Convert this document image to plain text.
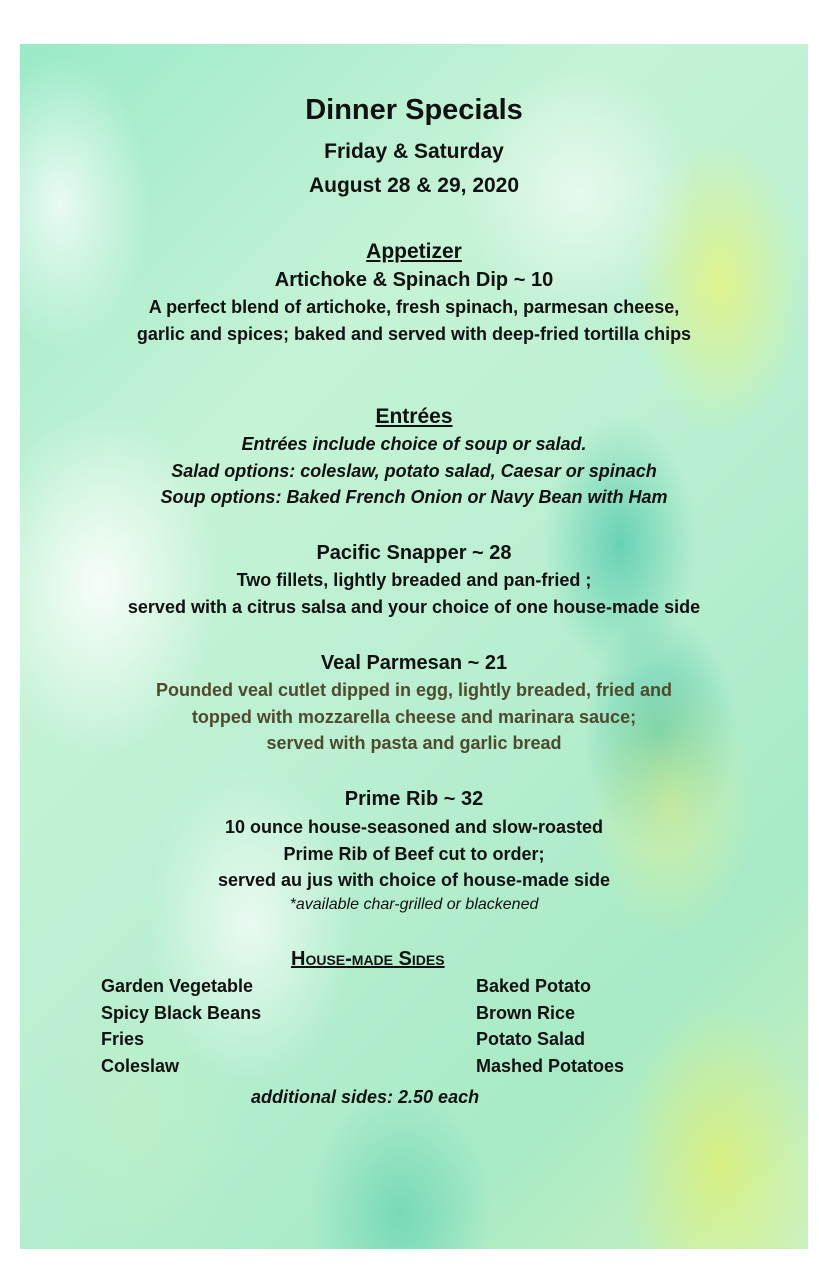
Dinner Specials
Friday & Saturday
August 28 & 29, 2020
Appetizer
Artichoke & Spinach Dip ~ 10
A perfect blend of artichoke, fresh spinach, parmesan cheese,
garlic and spices; baked and served with deep-fried tortilla chips
Entrées
Entrées include choice of soup or salad.
Salad options: coleslaw, potato salad, Caesar or spinach
Soup options: Baked French Onion or Navy Bean with Ham
Pacific Snapper ~ 28
Two fillets, lightly breaded and pan-fried ;
served with a citrus salsa and your choice of one house-made side
Veal Parmesan ~ 21
Pounded veal cutlet dipped in egg, lightly breaded, fried and
topped with mozzarella cheese and marinara sauce;
served with pasta and garlic bread
Prime Rib ~ 32
10 ounce house-seasoned and slow-roasted
Prime Rib of Beef cut to order;
served au jus with choice of house-made side
*available char-grilled or blackened
House-made Sides
Garden Vegetable
Spicy Black Beans
Fries
Coleslaw
Baked Potato
Brown Rice
Potato Salad
Mashed Potatoes
additional sides: 2.50 each
